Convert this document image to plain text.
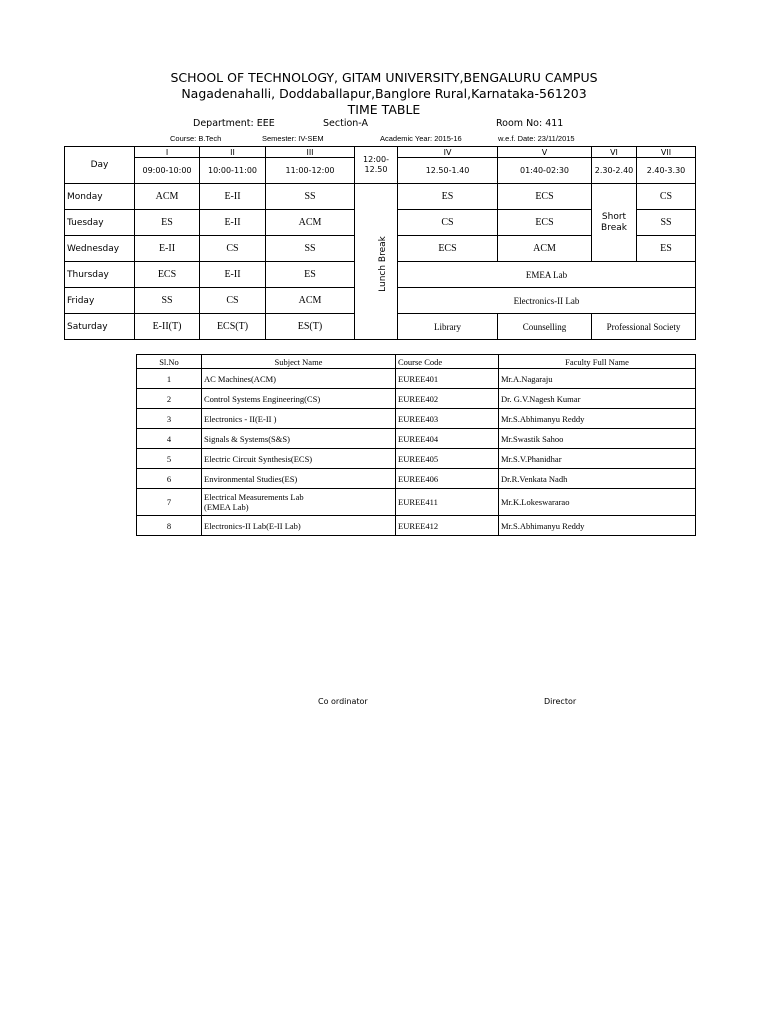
SCHOOL OF TECHNOLOGY, GITAM UNIVERSITY,BENGALURU CAMPUS
Nagadenahalli, Doddaballapur,Banglore Rural,Karnataka-561203
TIME TABLE
Department: EEE	Section-A	Room No: 411
Course: B.Tech	Semester: IV-SEM	Academic Year: 2015-16	w.e.f. Date: 23/11/2015
Day	I	II	III	12:00-12.50	IV	V	VI	VII
	09:00-10:00	10:00-11:00	11:00-12:00		12.50-1.40	01:40-02:30	2.30-2.40	2.40-3.30
Monday	ACM	E-II	SS	Lunch Break	ES	ECS	Short Break	CS
Tuesday	ES	E-II	ACM		CS	ECS		SS
Wednesday	E-II	CS	SS		ECS	ACM		ES
Thursday	ECS	E-II	ES		EMEA Lab			
Friday	SS	CS	ACM		Electronics-II Lab			
Saturday	E-II(T)	ECS(T)	ES(T)		Library	Counselling	Professional Society	
Sl.No	Subject Name	Course Code	Faculty Full Name
1	AC Machines(ACM)	EUREE401	Mr.A.Nagaraju
2	Control Systems Engineering(CS)	EUREE402	Dr. G.V.Nagesh Kumar
3	Electronics - II(E-II )	EUREE403	Mr.S.Abhimanyu Reddy
4	Signals & Systems(S&S)	EUREE404	Mr.Swastik Sahoo
5	Electric Circuit Synthesis(ECS)	EUREE405	Mr.S.V.Phanidhar
6	Environmental Studies(ES)	EUREE406	Dr.R.Venkata Nadh
7	Electrical Measurements Lab
(EMEA Lab)	EUREE411	Mr.K.Lokeswararao
8	Electronics-II Lab(E-II Lab)	EUREE412	Mr.S.Abhimanyu Reddy
Co ordinator	Director
